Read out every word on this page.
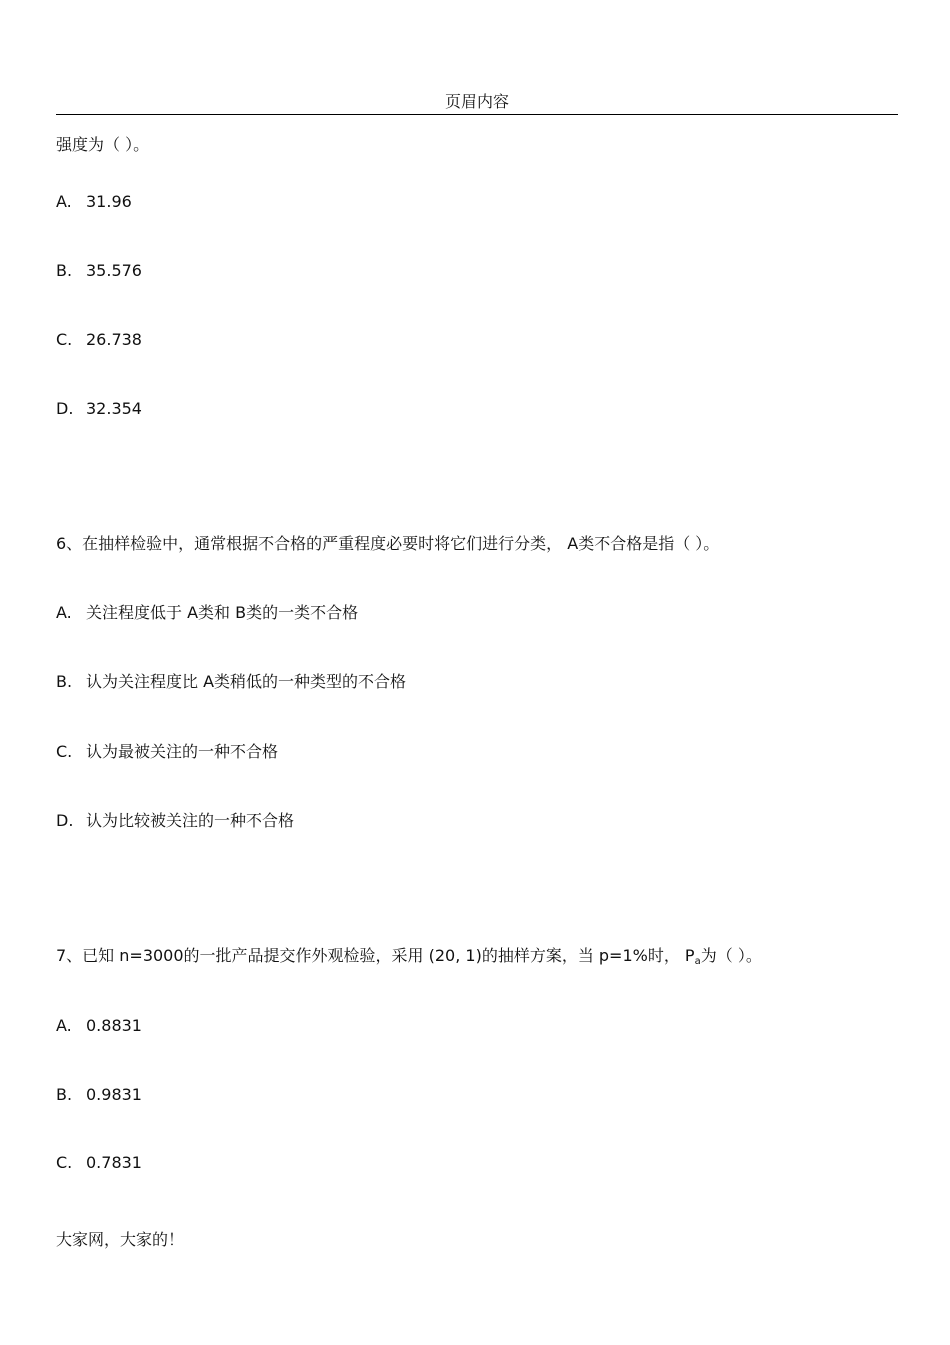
页眉内容
强度为（ ）。
A. 31.96
B. 35.576
C. 26.738
D. 32.354
6、在抽样检验中，通常根据不合格的严重程度必要时将它们进行分类， A类不合格是指（ ）。
A. 关注程度低于 A类和 B类的一类不合格
B. 认为关注程度比 A类稍低的一种类型的不合格
C. 认为最被关注的一种不合格
D. 认为比较被关注的一种不合格
7、已知 n=3000的一批产品提交作外观检验，采用 (20, 1)的抽样方案，当 p=1%时， $P_a$为（ ）。
A. 0.8831
B. 0.9831
C. 0.7831
大家网，大家的！
